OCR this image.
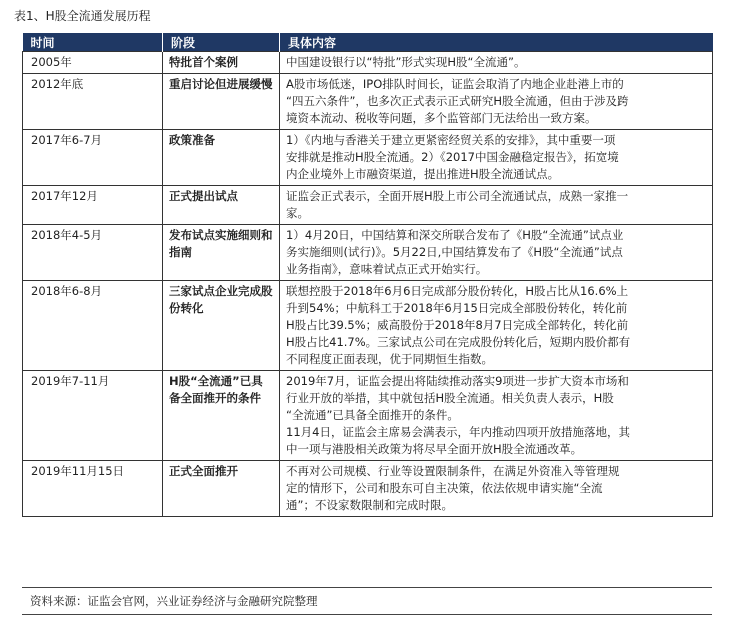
表1、H股全流通发展历程
时间	阶段	具体内容
2005年	特批首个案例	中国建设银行以“特批”形式实现H股“全流通”。

2012年底	重启讨论但进展缓慢	A股市场低迷，IPO排队时间长，证监会取消了内地企业赴港上市的
“四五六条件”，也多次正式表示正式研究H股全流通，但由于涉及跨
境资本流动、税收等问题，多个监管部门无法给出一致方案。

2017年6-7月	政策准备	1）《内地与香港关于建立更紧密经贸关系的安排》，其中重要一项
安排就是推动H股全流通。2）《2017中国金融稳定报告》，拓宽境
内企业境外上市融资渠道，提出推进H股全流通试点。

2017年12月	正式提出试点	证监会正式表示，全面开展H股上市公司全流通试点，成熟一家推一
家。

2018年4-5月	发布试点实施细则和指南	1）4月20日，中国结算和深交所联合发布了《H股“全流通”试点业
务实施细则(试行)》。5月22日,中国结算发布了《H股“全流通”试点
业务指南》，意味着试点正式开始实行。

2018年6-8月	三家试点企业完成股份转化	联想控股于2018年6月6日完成部分股份转化，H股占比从16.6%上
升到54%；中航科工于2018年6月15日完成全部股份转化，转化前
H股占比39.5%；威高股份于2018年8月7日完成全部转化，转化前
H股占比41.7%。三家试点公司在完成股份转化后，短期内股价都有
不同程度正面表现，优于同期恒生指数。

2019年7-11月	H股“全流通”已具备全面推开的条件	2019年7月，证监会提出将陆续推动落实9项进一步扩大资本市场和
行业开放的举措，其中就包括H股全流通。相关负责人表示，H股
“全流通”已具备全面推开的条件。
11月4日，证监会主席易会满表示，年内推动四项开放措施落地，其
中一项与港股相关政策为将尽早全面开放H股全流通改革。

2019年11月15日	正式全面推开	不再对公司规模、行业等设置限制条件，在满足外资准入等管理规
定的情形下，公司和股东可自主决策，依法依规申请实施“全流
通”；不设家数限制和完成时限。
资料来源：证监会官网，兴业证券经济与金融研究院整理
